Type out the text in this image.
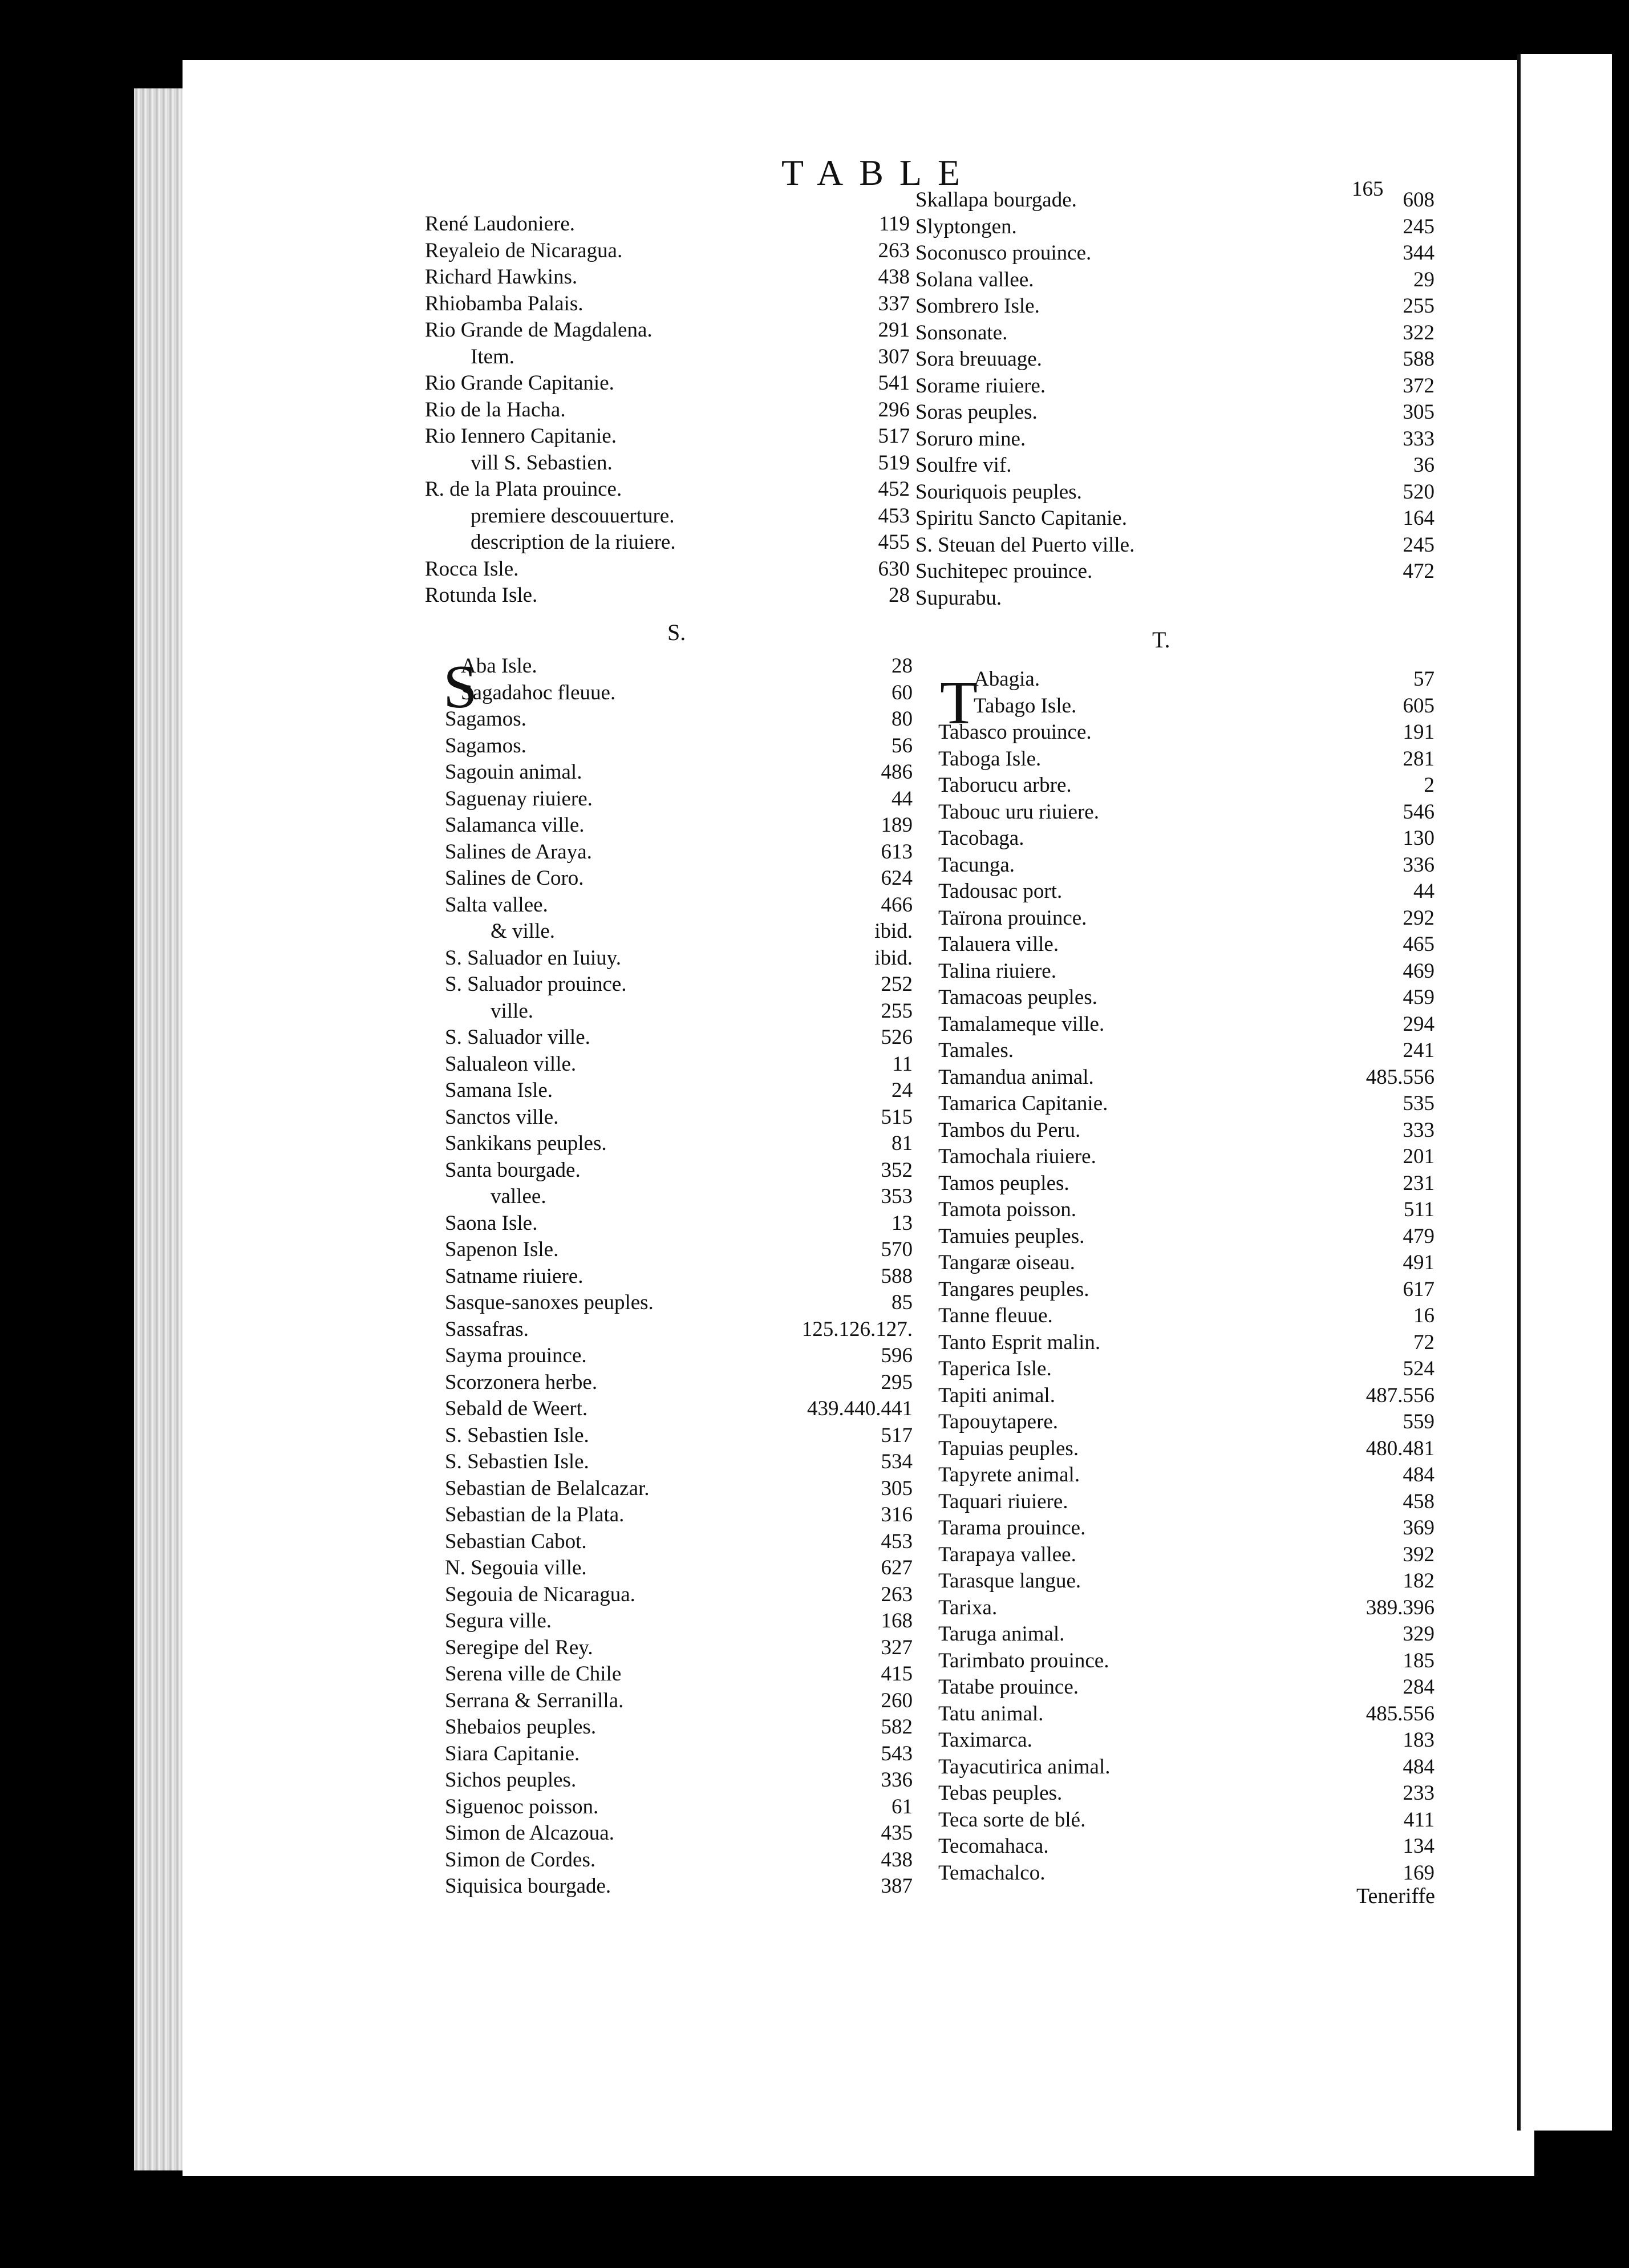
TABLE
René Laudoniere.	119
Reyaleio de Nicaragua.	263
Richard Hawkins.	438
Rhiobamba Palais.	337
Rio Grande de Magdalena.	291
Item.	307
Rio Grande Capitanie.	541
Rio de la Hacha.	296
Rio Iennero Capitanie.	517
vill S. Sebastien.	519
R. de la Plata prouince.	452
premiere descouuerture.	453
description de la riuiere.	455
Rocca Isle.	630
Rotunda Isle.	28
S.
S
Aba Isle.	28
Sagadahoc fleuue.	60
Sagamos.	80
Sagamos.	56
Sagouin animal.	486
Saguenay riuiere.	44
Salamanca ville.	189
Salines de Araya.	613
Salines de Coro.	624
Salta vallee.	466
& ville.	ibid.
S. Saluador en Iuiuy.	ibid.
S. Saluador prouince.	252
ville.	255
S. Saluador ville.	526
Salualeon ville.	11
Samana Isle.	24
Sanctos ville.	515
Sankikans peuples.	81
Santa bourgade.	352
vallee.	353
Saona Isle.	13
Sapenon Isle.	570
Satname riuiere.	588
Sasque-sanoxes peuples.	85
Sassafras.	125.126.127.
Sayma prouince.	596
Scorzonera herbe.	295
Sebald de Weert.	439.440.441
S. Sebastien Isle.	517
S. Sebastien Isle.	534
Sebastian de Belalcazar.	305
Sebastian de la Plata.	316
Sebastian Cabot.	453
N. Segouia ville.	627
Segouia de Nicaragua.	263
Segura ville.	168
Seregipe del Rey.	327
Serena ville de Chile	415
Serrana & Serranilla.	260
Shebaios peuples.	582
Siara Capitanie.	543
Sichos peuples.	336
Siguenoc poisson.	61
Simon de Alcazoua.	435
Simon de Cordes.	438
Siquisica bourgade.	387
Skallapa bourgade.	608
Slyptongen.	245
Soconusco prouince.	344
Solana vallee.	29
Sombrero Isle.	255
Sonsonate.	322
Sora breuuage.	588
Sorame riuiere.	372
Soras peuples.	305
Soruro mine.	333
Soulfre vif.	36
Souriquois peuples.	520
Spiritu Sancto Capitanie.	164
S. Steuan del Puerto ville.	245
Suchitepec prouince.	472
Supurabu.
T.
T
Abagia.	57
Tabago Isle.	605
Tabasco prouince.	191
Taboga Isle.	281
Taborucu arbre.	2
Tabouc uru riuiere.	546
Tacobaga.	130
Tacunga.	336
Tadousac port.	44
Taïrona prouince.	292
Talauera ville.	465
Talina riuiere.	469
Tamacoas peuples.	459
Tamalameque ville.	294
Tamales.	241
Tamandua animal.	485.556
Tamarica Capitanie.	535
Tambos du Peru.	333
Tamochala riuiere.	201
Tamos peuples.	231
Tamota poisson.	511
Tamuies peuples.	479
Tangaræ oiseau.	491
Tangares peuples.	617
Tanne fleuue.	16
Tanto Esprit malin.	72
Taperica Isle.	524
Tapiti animal.	487.556
Tapouytapere.	559
Tapuias peuples.	480.481
Tapyrete animal.	484
Taquari riuiere.	458
Tarama prouince.	369
Tarapaya vallee.	392
Tarasque langue.	182
Tarixa.	389.396
Taruga animal.	329
Tarimbato prouince.	185
Tatabe prouince.	284
Tatu animal.	485.556
Taximarca.	183
Tayacutirica animal.	484
Tebas peuples.	233
Teca sorte de blé.	411
Tecomahaca.	134
Temachalco.	169
Teneriffe
165
